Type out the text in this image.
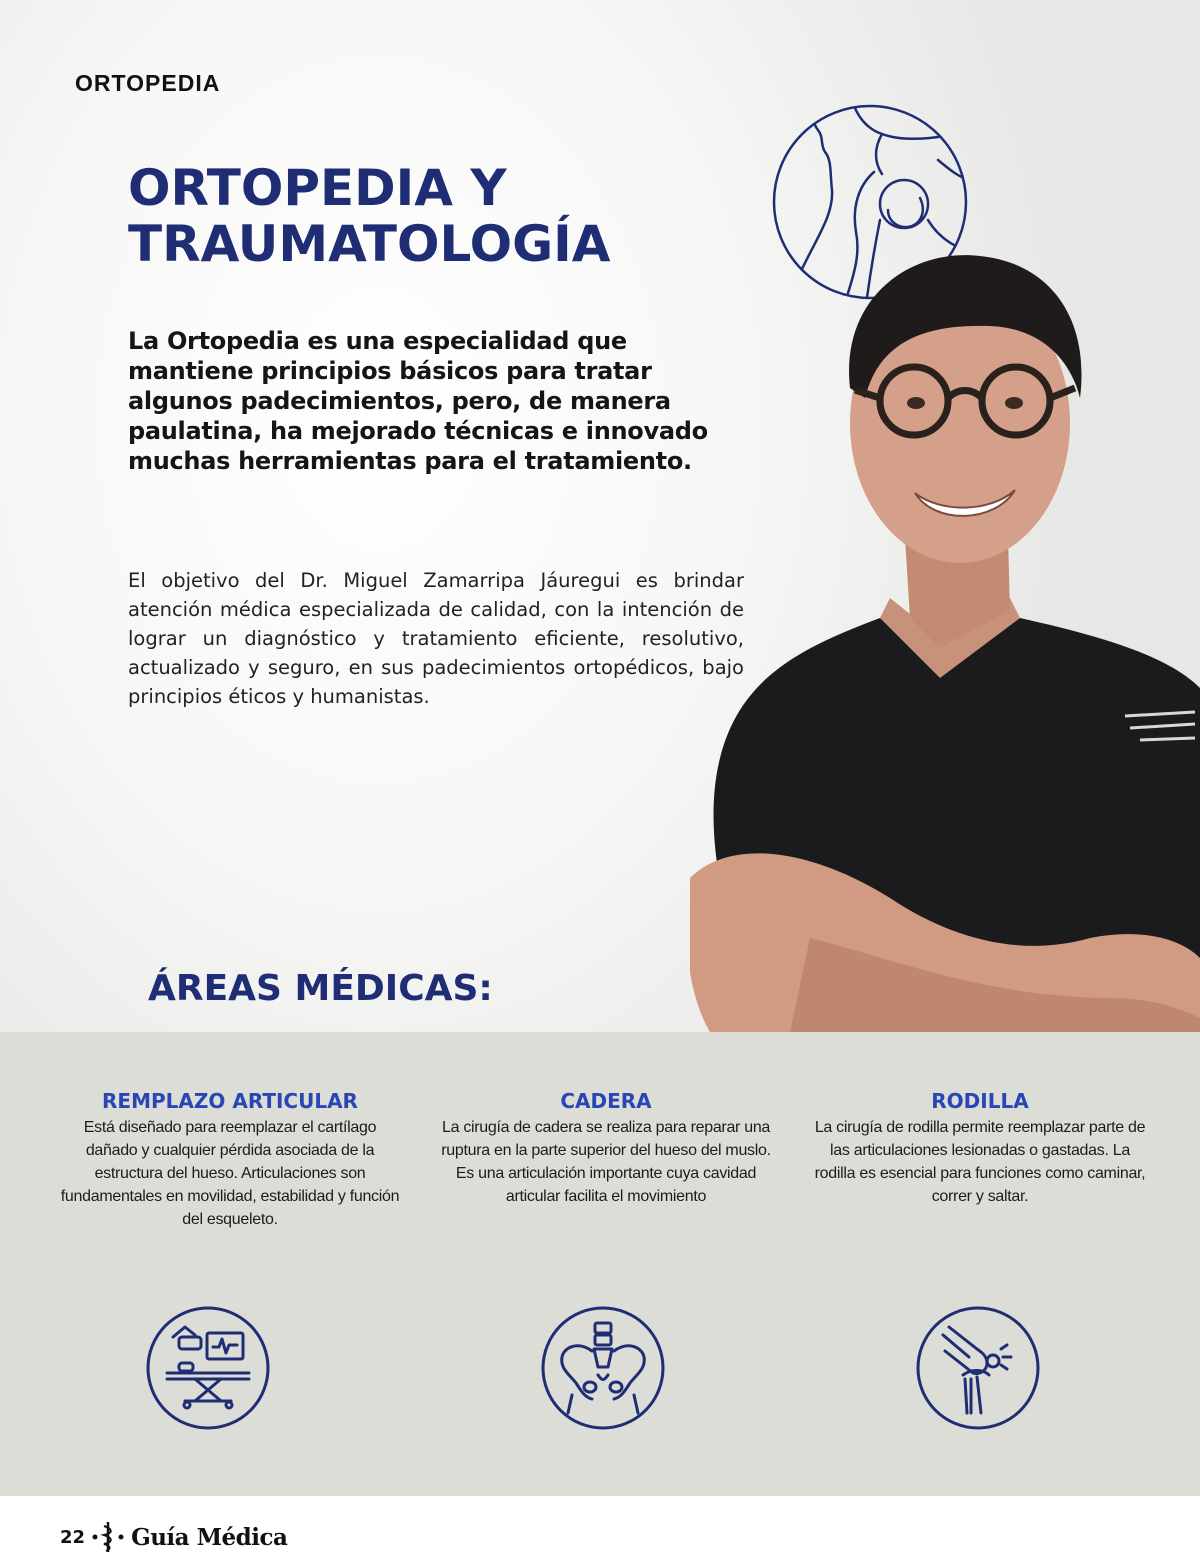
ORTOPEDIA
ORTOPEDIA Y
TRAUMATOLOGÍA

La Ortopedia es una especialidad que mantiene principios básicos para tratar algunos padecimientos, pero, de manera paulatina, ha mejorado técnicas e innovado muchas herramientas para el tratamiento.

El objetivo del Dr. Miguel Zamarripa Jáuregui es brindar atención médica especializada de calidad, con la intención de lograr un diagnóstico y tratamiento eficiente, resolutivo, actualizado y seguro, en sus padecimientos ortopédicos, bajo principios éticos y humanistas.

ÁREAS MÉDICAS:
REMPLAZO ARTICULAR

Está diseñado para reemplazar el cartílago dañado y cualquier pérdida asociada de la estructura del hueso. Articulaciones son fundamentales en movilidad, estabilidad y función del esqueleto.

CADERA

La cirugía de cadera se realiza para reparar una ruptura en la parte superior del hueso del muslo. Es una articulación importante cuya cavidad articular facilita el movimiento

RODILLA

La cirugía de rodilla permite reemplazar parte de las articulaciones lesionadas o gastadas. La rodilla es esencial para funciones como caminar, correr y saltar.

22 Guía Médica
